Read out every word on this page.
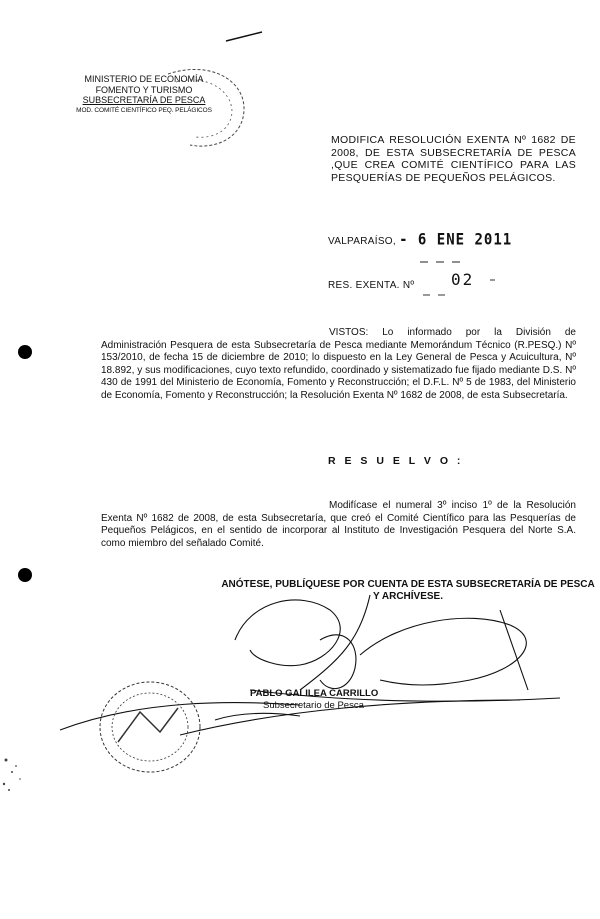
MINISTERIO DE ECONOMÍA
FOMENTO Y TURISMO
SUBSECRETARÍA DE PESCA
MOD. COMITÉ CIENTÍFICO PEQ. PELÁGICOS
MODIFICA RESOLUCIÓN EXENTA Nº 1682 DE 2008, DE ESTA SUBSECRETARÍA DE PESCA ,QUE CREA COMITÉ CIENTÍFICO PARA LAS PESQUERÍAS DE PEQUEÑOS PELÁGICOS.
VALPARAÍSO, - 6 ENE 2011
RES. EXENTA. Nº 02
VISTOS: Lo informado por la División de Administración Pesquera de esta Subsecretaría de Pesca mediante Memorándum Técnico (R.PESQ.) Nº 153/2010, de fecha 15 de diciembre de 2010; lo dispuesto en la Ley General de Pesca y Acuicultura, Nº 18.892, y sus modificaciones, cuyo texto refundido, coordinado y sistematizado fue fijado mediante D.S. Nº 430 de 1991 del Ministerio de Economía, Fomento y Reconstrucción; el D.F.L. Nº 5 de 1983, del Ministerio de Economía, Fomento y Reconstrucción; la Resolución Exenta Nº 1682 de 2008, de esta Subsecretaría.
R E S U E L V O :
Modifícase el numeral 3º inciso 1º de la Resolución Exenta Nº 1682 de 2008, de esta Subsecretaría, que creó el Comité Científico para las Pesquerías de Pequeños Pelágicos, en el sentido de incorporar al Instituto de Investigación Pesquera del Norte S.A. como miembro del señalado Comité.
ANÓTESE, PUBLÍQUESE POR CUENTA DE ESTA SUBSECRETARÍA DE PESCA Y ARCHÍVESE.
PABLO GALILEA CARRILLO
Subsecretario de Pesca
